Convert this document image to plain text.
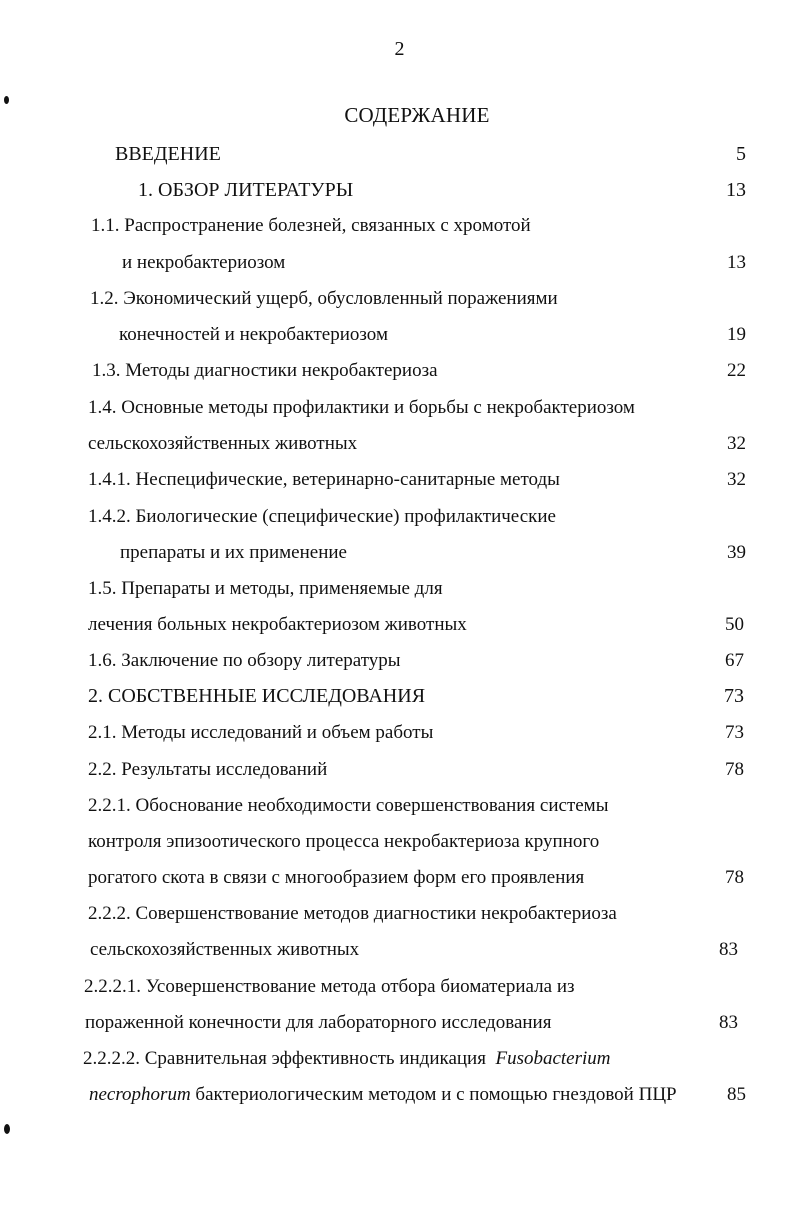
2
СОДЕРЖАНИЕ
ВВЕДЕНИЕ	5
1. ОБЗОР ЛИТЕРАТУРЫ	13
1.1. Распространение болезней, связанных с хромотой
и некробактериозом	13
1.2. Экономический ущерб, обусловленный поражениями
конечностей и некробактериозом	19
1.3. Методы диагностики некробактериоза	22
1.4. Основные методы профилактики и борьбы с некробактериозом
сельскохозяйственных животных	32
1.4.1. Неспецифические, ветеринарно-санитарные методы	32
1.4.2. Биологические (специфические) профилактические
препараты и их применение	39
1.5. Препараты и методы, применяемые для
лечения больных некробактериозом животных	50
1.6. Заключение по обзору литературы	67
2. СОБСТВЕННЫЕ ИССЛЕДОВАНИЯ	73
2.1. Методы исследований и объем работы	73
2.2. Результаты исследований	78
2.2.1. Обоснование необходимости совершенствования системы
контроля эпизоотического процесса некробактериоза крупного
рогатого скота в связи с многообразием форм его проявления	78
2.2.2. Совершенствование методов диагностики некробактериоза
сельскохозяйственных животных	83
2.2.2.1. Усовершенствование метода отбора биоматериала из
пораженной конечности для лабораторного исследования	83
2.2.2.2. Сравнительная эффективность индикация Fusobacterium
necrophorum бактериологическим методом и с помощью гнездовой ПЦР	85
